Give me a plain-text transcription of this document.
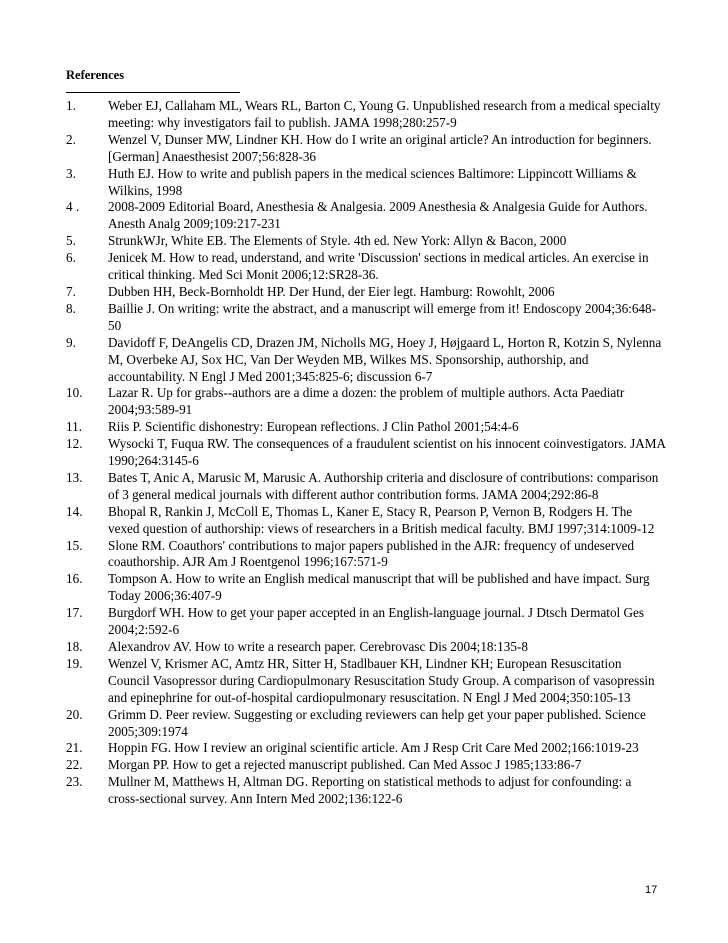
References
1.	Weber EJ, Callaham ML, Wears RL, Barton C, Young G. Unpublished research from a medical specialty meeting: why investigators fail to publish. JAMA 1998;280:257-9
2.	Wenzel V, Dunser MW, Lindner KH. How do I write an original article? An introduction for beginners. [German] Anaesthesist 2007;56:828-36
3.	Huth EJ. How to write and publish papers in the medical sciences Baltimore: Lippincott Williams & Wilkins, 1998
4 .	2008-2009 Editorial Board, Anesthesia & Analgesia. 2009 Anesthesia & Analgesia Guide for Authors. Anesth Analg 2009;109:217-231
5.	StrunkWJr, White EB. The Elements of Style. 4th ed. New York: Allyn & Bacon, 2000
6.	Jenicek M. How to read, understand, and write 'Discussion' sections in medical articles. An exercise in critical thinking. Med Sci Monit 2006;12:SR28-36.
7.	Dubben HH, Beck-Bornholdt HP. Der Hund, der Eier legt. Hamburg: Rowohlt, 2006
8.	Baillie J. On writing: write the abstract, and a manuscript will emerge from it! Endoscopy 2004;36:648-50
9.	Davidoff F, DeAngelis CD, Drazen JM, Nicholls MG, Hoey J, Højgaard L, Horton R, Kotzin S, Nylenna M, Overbeke AJ, Sox HC, Van Der Weyden MB, Wilkes MS. Sponsorship, authorship, and accountability. N Engl J Med 2001;345:825-6; discussion 6-7
10.	Lazar R. Up for grabs--authors are a dime a dozen: the problem of multiple authors. Acta Paediatr 2004;93:589-91
11.	Riis P. Scientific dishonestry: European reflections. J Clin Pathol 2001;54:4-6
12.	Wysocki T, Fuqua RW. The consequences of a fraudulent scientist on his innocent coinvestigators. JAMA 1990;264:3145-6
13.	Bates T, Anic A, Marusic M, Marusic A. Authorship criteria and disclosure of contributions: comparison of 3 general medical journals with different author contribution forms. JAMA 2004;292:86-8
14.	Bhopal R, Rankin J, McColl E, Thomas L, Kaner E, Stacy R, Pearson P, Vernon B, Rodgers H. The vexed question of authorship: views of researchers in a British medical faculty. BMJ 1997;314:1009-12
15.	Slone RM. Coauthors' contributions to major papers published in the AJR: frequency of undeserved coauthorship. AJR Am J Roentgenol 1996;167:571-9
16.	Tompson A. How to write an English medical manuscript that will be published and have impact. Surg Today 2006;36:407-9
17.	Burgdorf WH. How to get your paper accepted in an English-language journal. J Dtsch Dermatol Ges 2004;2:592-6
18.	Alexandrov AV. How to write a research paper. Cerebrovasc Dis 2004;18:135-8
19.	Wenzel V, Krismer AC, Amtz HR, Sitter H, Stadlbauer KH, Lindner KH; European Resuscitation Council Vasopressor during Cardiopulmonary Resuscitation Study Group. A comparison of vasopressin and epinephrine for out-of-hospital cardiopulmonary resuscitation. N Engl J Med 2004;350:105-13
20.	Grimm D. Peer review. Suggesting or excluding reviewers can help get your paper published. Science 2005;309:1974
21.	Hoppin FG. How I review an original scientific article. Am J Resp Crit Care Med 2002;166:1019-23
22.	Morgan PP. How to get a rejected manuscript published. Can Med Assoc J 1985;133:86-7
23.	Mullner M, Matthews H, Altman DG. Reporting on statistical methods to adjust for confounding: a cross-sectional survey. Ann Intern Med 2002;136:122-6
17
